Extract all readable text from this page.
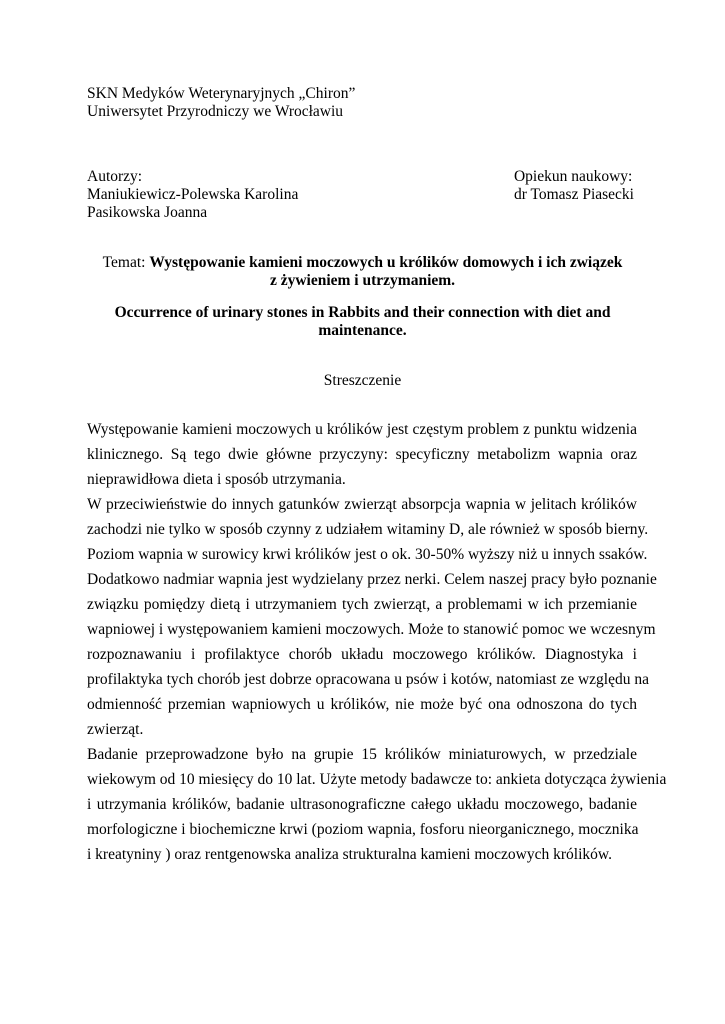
SKN Medyków Weterynaryjnych „Chiron”
Uniwersytet Przyrodniczy we Wrocławiu
Autorzy:
Maniukiewicz-Polewska Karolina
Pasikowska Joanna
Opiekun naukowy:
dr Tomasz Piasecki
Temat: Występowanie kamieni moczowych u królików domowych i ich związek
z żywieniem i utrzymaniem.
Occurrence of urinary stones in Rabbits and their connection with diet and
maintenance.
Streszczenie
Występowanie kamieni moczowych u królików jest częstym problem z punktu widzenia
klinicznego. Są tego dwie główne przyczyny: specyficzny metabolizm wapnia oraz
nieprawidłowa dieta i sposób utrzymania.
W przeciwieństwie do innych gatunków zwierząt absorpcja wapnia w jelitach królików
zachodzi nie tylko w sposób czynny z udziałem witaminy D, ale również w sposób bierny.
Poziom wapnia w surowicy krwi królików jest o ok. 30-50% wyższy niż u innych ssaków.
Dodatkowo nadmiar wapnia jest wydzielany przez nerki. Celem naszej pracy było poznanie
związku pomiędzy dietą i utrzymaniem tych zwierząt, a problemami w ich przemianie
wapniowej i występowaniem kamieni moczowych. Może to stanowić pomoc we wczesnym
rozpoznawaniu i profilaktyce chorób układu moczowego królików. Diagnostyka i
profilaktyka tych chorób jest dobrze opracowana u psów i kotów, natomiast ze względu na
odmienność przemian wapniowych u królików, nie może być ona odnoszona do tych
zwierząt.
Badanie przeprowadzone było na grupie 15 królików miniaturowych, w przedziale
wiekowym od 10 miesięcy do 10 lat. Użyte metody badawcze to: ankieta dotycząca żywienia
i utrzymania królików, badanie ultrasonograficzne całego układu moczowego, badanie
morfologiczne i biochemiczne krwi (poziom wapnia, fosforu nieorganicznego, mocznika
i kreatyniny ) oraz rentgenowska analiza strukturalna kamieni moczowych królików.
